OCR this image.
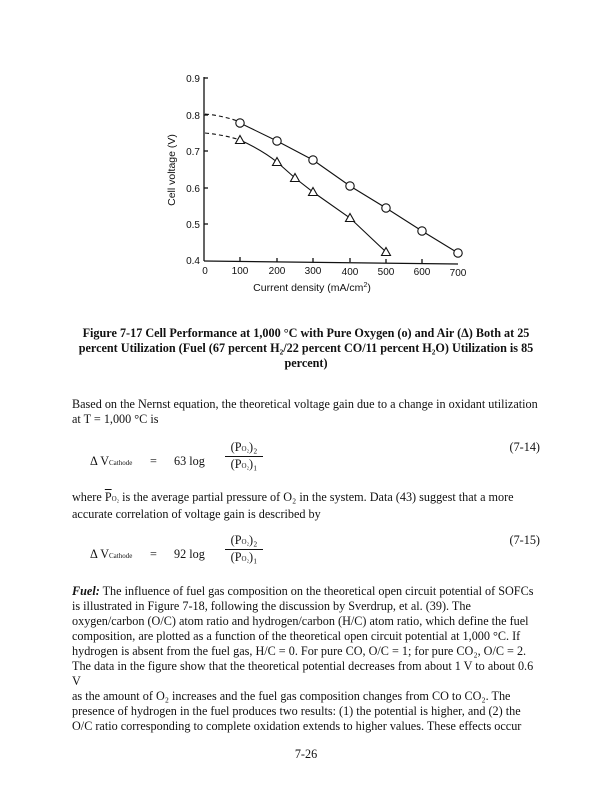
0.9
0.8
0.7
0.6
0.5
0.4
0 100 200 300 400 500 600 700
Current density $(mA/cm^2)$
Cell voltage (V)
Figure 7-17 Cell Performance at 1,000 °C with Pure Oxygen (o) and Air (Δ) Both at 25
percent Utilization (Fuel (67 percent H₂/22 percent CO/11 percent H₂O) Utilization is 85
percent)
Based on the Nernst equation, the theoretical voltage gain due to a change in oxidant utilization
at T = 1,000 °C is
Δ VCathode = 63 $\log \frac{\text{(PO₂)₂}}{\text{(PO₂)₁}}$	(7-14)
where $\overline{P}O_2$ is the average partial pressure of O₂ in the system. Data (43) suggest that a more
accurate correlation of voltage gain is described by
Δ VCathode = 92 $\log \frac{\text{(PO₂)₂}}{\text{(PO₂)₁}}$	(7-15)
Fuel: The influence of fuel gas composition on the theoretical open circuit potential of SOFCs
is illustrated in Figure 7-18, following the discussion by Sverdrup, et al. (39). The
oxygen/carbon (O/C) atom ratio and hydrogen/carbon (H/C) atom ratio, which define the fuel
composition, are plotted as a function of the theoretical open circuit potential at 1,000 °C. If
hydrogen is absent from the fuel gas, H/C = 0. For pure CO, O/C = 1; for pure CO₂, O/C = 2.
The data in the figure show that the theoretical potential decreases from about 1 V to about 0.6 V
as the amount of O₂ increases and the fuel gas composition changes from CO to CO₂. The
presence of hydrogen in the fuel produces two results: (1) the potential is higher, and (2) the
O/C ratio corresponding to complete oxidation extends to higher values. These effects occur
7-26
